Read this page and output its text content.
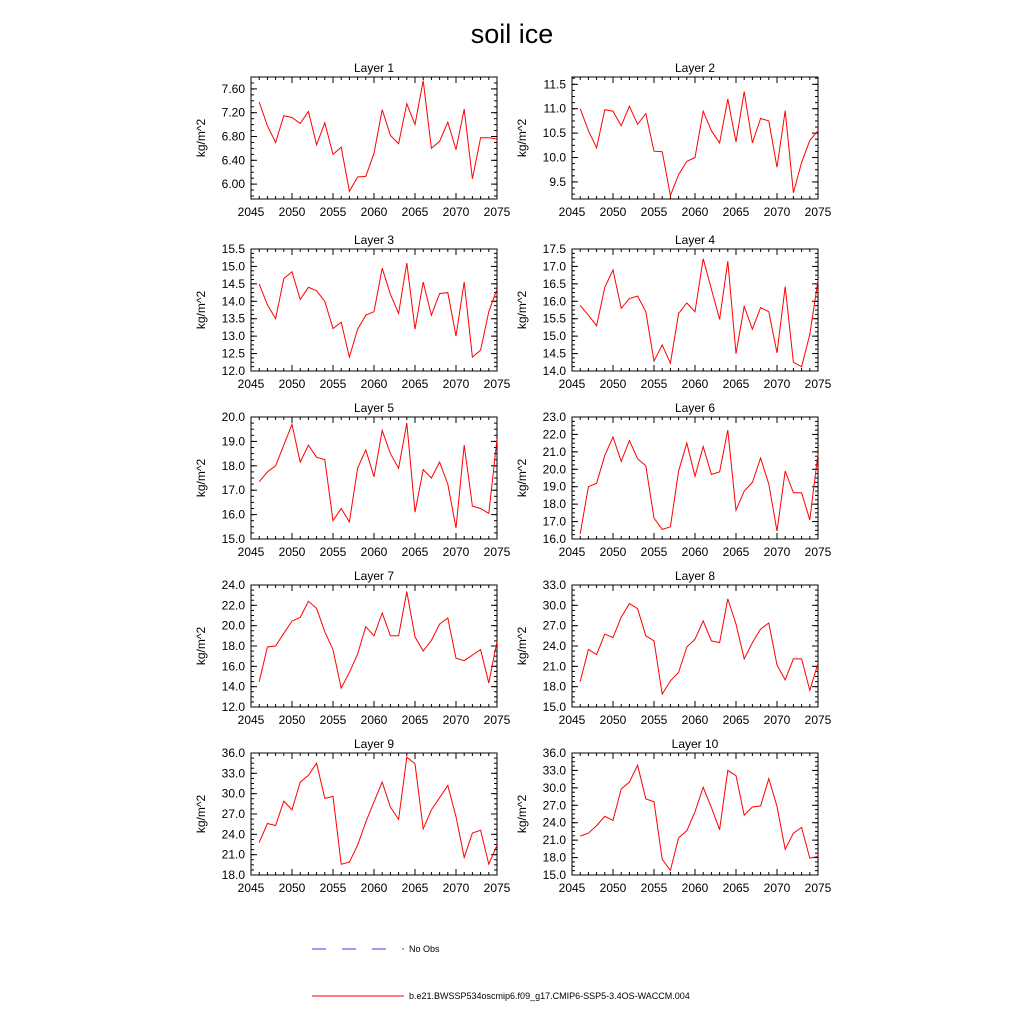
soil ice
Layer 1
kg/m^2
2045 2050 2055 2060 2065 2070 2075
6.00
6.40
6.80
7.20
7.60
Layer 2
kg/m^2
2045 2050 2055 2060 2065 2070 2075
9.5
10.0
10.5
11.0
11.5
Layer 3
kg/m^2
2045 2050 2055 2060 2065 2070 2075
12.0
12.5
13.0
13.5
14.0
14.5
15.0
15.5
Layer 4
kg/m^2
2045 2050 2055 2060 2065 2070 2075
14.0
14.5
15.0
15.5
16.0
16.5
17.0
17.5
Layer 5
kg/m^2
2045 2050 2055 2060 2065 2070 2075
15.0
16.0
17.0
18.0
19.0
20.0
Layer 6
kg/m^2
2045 2050 2055 2060 2065 2070 2075
16.0
17.0
18.0
19.0
20.0
21.0
22.0
23.0
Layer 7
kg/m^2
2045 2050 2055 2060 2065 2070 2075
12.0
14.0
16.0
18.0
20.0
22.0
24.0
Layer 8
kg/m^2
2045 2050 2055 2060 2065 2070 2075
15.0
18.0
21.0
24.0
27.0
30.0
33.0
Layer 9
kg/m^2
2045 2050 2055 2060 2065 2070 2075
18.0
21.0
24.0
27.0
30.0
33.0
36.0
Layer 10
kg/m^2
2045 2050 2055 2060 2065 2070 2075
15.0
18.0
21.0
24.0
27.0
30.0
33.0
36.0
No Obs
b.e21.BWSSP534oscmip6.f09_g17.CMIP6-SSP5-3.4OS-WACCM.004
